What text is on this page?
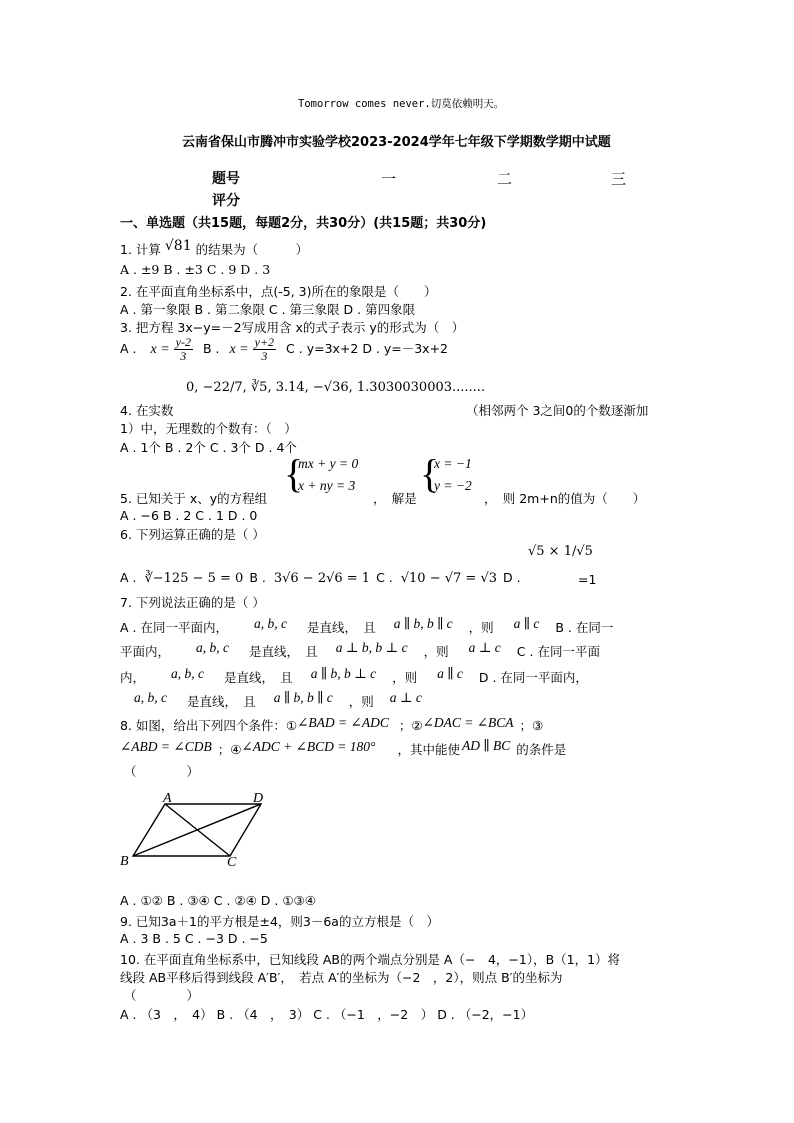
Tomorrow comes never.切莫依赖明天。
云南省保山市腾冲市实验学校2023-2024学年七年级下学期数学期中试题
题号	一	二	三
评分
一、单选题（共15题，每题2分，共30分）(共15题；共30分)
1. 计算 √81 的结果为（　　　）
A . ±9 B . ±3 C . 9 D . 3
2. 在平面直角坐标系中，点(-5, 3)所在的象限是（　　）
A . 第一象限 B . 第二象限 C . 第三象限 D . 第四象限
3. 把方程 3x−y=－2写成用含 x的式子表示 y的形式为（　）
A . $x = \frac{y-2}{3}$ B . $x = \frac{y+2}{3}$ C . y=3x+2 D . y=－3x+2
0, −22/7, ∛5, 3.14, −√36, 1.3030030003........
4. 在实数	（相邻两个 3之间0的个数逐渐加
1）中，无理数的个数有：（　）
A . 1个 B . 2个 C . 3个 D . 4个
{
mx + y = 0
x + ny = 3 {
x = −1
y = −2
5. 已知关于 x、y的方程组	，　解是	，　则 2m+n的值为（　　）
A . −6 B . 2 C . 1 D . 0
6. 下列运算正确的是（ ）
√5 × 1/√5
A . ∛−125 − 5 = 0 B . 3√6 − 2√6 = 1 C . √10 − √7 = √3 D .	=1
7. 下列说法正确的是（ ）
A . 在同一平面内， a, b, c 是直线，　且 a ∥ b, b ∥ c ，则 a ∥ c B . 在同一
平面内， a, b, c 是直线，　且 a ⊥ b, b ⊥ c ，则 a ⊥ c C . 在同一平面
内， a, b, c 是直线，　且 a ∥ b, b ⊥ c ，则 a ∥ c D . 在同一平面内，
a, b, c 是直线，　且 a ∥ b, b ∥ c ，则 a ⊥ c
8. 如图，给出下列四个条件：①∠BAD = ∠ADC ；②∠DAC = ∠BCA ；③
∠ABD = ∠CDB ；④∠ADC + ∠BCD = 180° ，其中能使 AD ∥ BC 的条件是
（　　　　）
A	D
B	C
A . ①② B . ③④ C . ②④ D . ①③④
9. 已知3a＋1的平方根是±4，则3－6a的立方根是（　）
A . 3 B . 5 C . −3 D . −5
10. 在平面直角坐标系中，已知线段 AB的两个端点分别是 A（−　4，−1），B（1，1）将
线段 AB平移后得到线段 A′B′，　若点 A′的坐标为（−2　，2），则点 B′的坐标为
（　　　　）
A . （3　，　4） B . （4　，　3） C . （−1　，−2　） D . （−2，−1）
